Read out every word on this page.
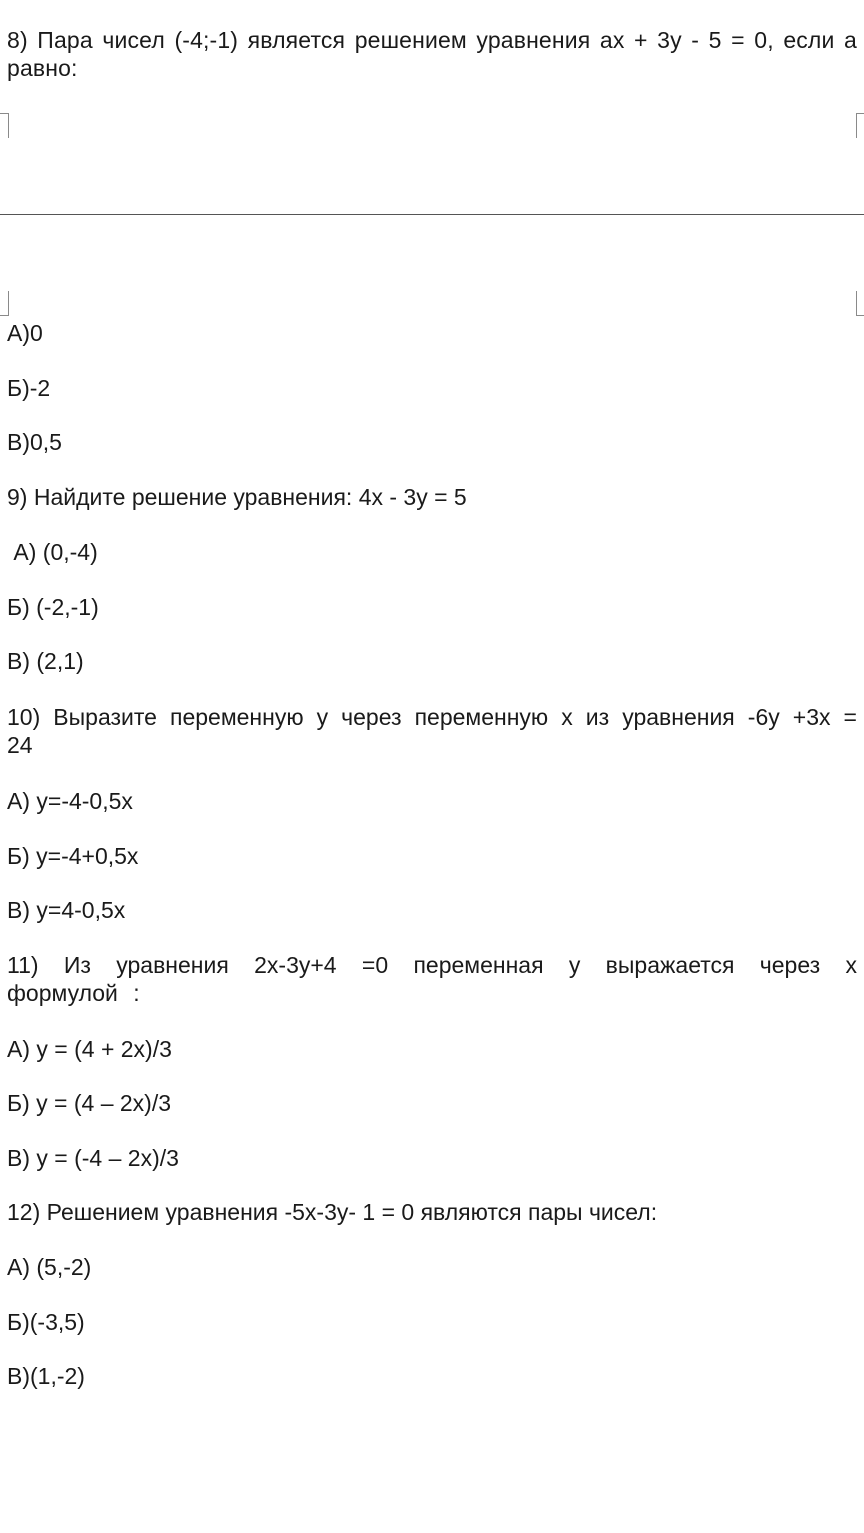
8) Пара чисел (-4;-1) является решением уравнения ax + 3y - 5 = 0, если а равно:
А)0
Б)-2
В)0,5
9) Найдите решение уравнения: 4x - 3y = 5
А) (0,-4)
Б) (-2,-1)
В) (2,1)
10) Выразите переменную y через переменную x из уравнения -6y +3x = 24
А) y=-4-0,5x
Б) y=-4+0,5x
В) y=4-0,5x
11) Из уравнения 2x-3y+4 =0 переменная y выражается через x формулой :
А) y = (4 + 2x)/3
Б) y = (4 – 2x)/3
В) y = (-4 – 2x)/3
12) Решением уравнения -5x-3y- 1 = 0 являются пары чисел:
А) (5,-2)
Б)(-3,5)
В)(1,-2)
